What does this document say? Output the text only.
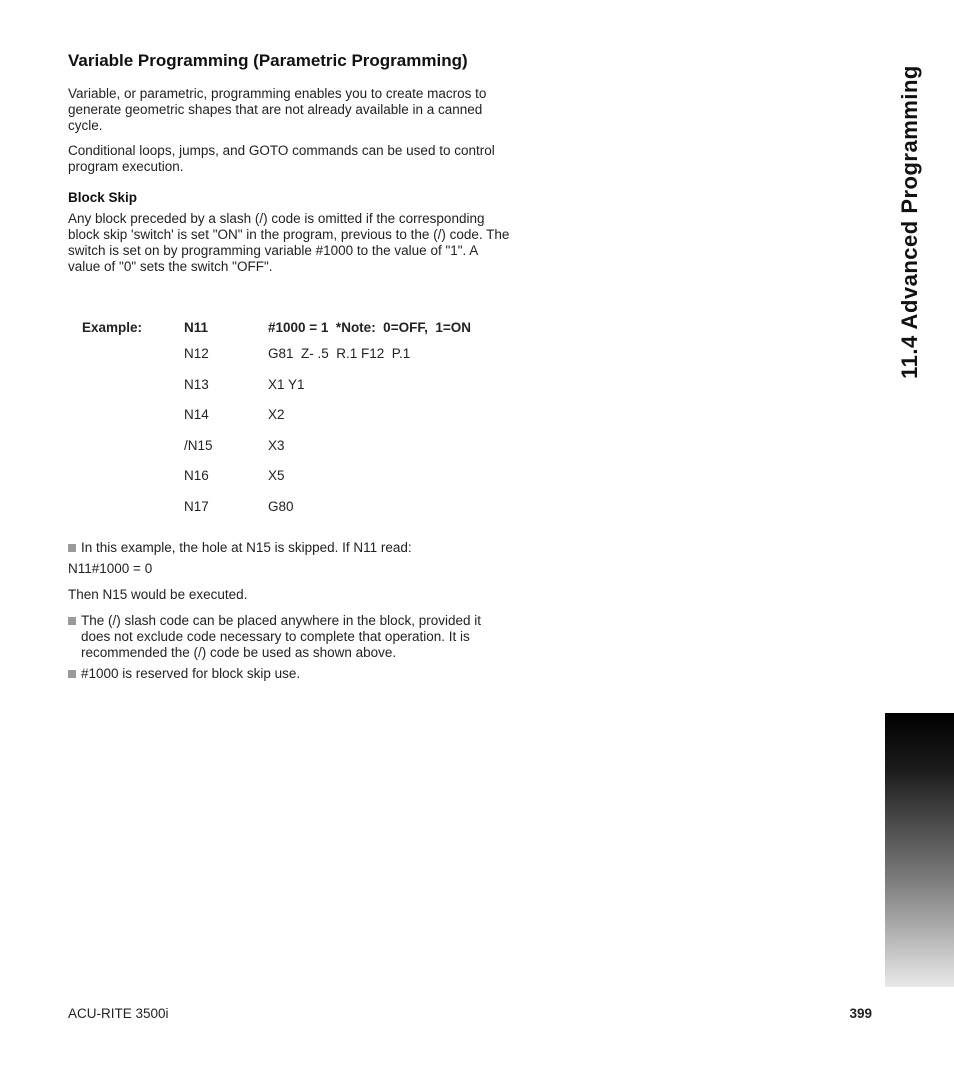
Variable Programming (Parametric Programming)

Variable, or parametric, programming enables you to create macros to generate geometric shapes that are not already available in a canned cycle.

Conditional loops, jumps, and GOTO commands can be used to control program execution.

Block Skip

Any block preceded by a slash (/) code is omitted if the corresponding block skip 'switch' is set "ON" in the program, previous to the (/) code. The switch is set on by programming variable #1000 to the value of "1". A value of "0" sets the switch "OFF".

Example:	N11	#1000 = 1  *Note:  0=OFF,  1=ON
N12	G81  Z- .5  R.1 F12  P.1
N13	X1 Y1
N14	X2
/N15	X3
N16	X5
N17	G80
In this example, the hole at N15 is skipped. If N11 read:
N11#1000 = 0
Then N15 would be executed.
The (/) slash code can be placed anywhere in the block, provided it does not exclude code necessary to complete that operation. It is recommended the (/) code be used as shown above.
#1000 is reserved for block skip use.
11.4 Advanced Programming
ACU-RITE 3500i	399
